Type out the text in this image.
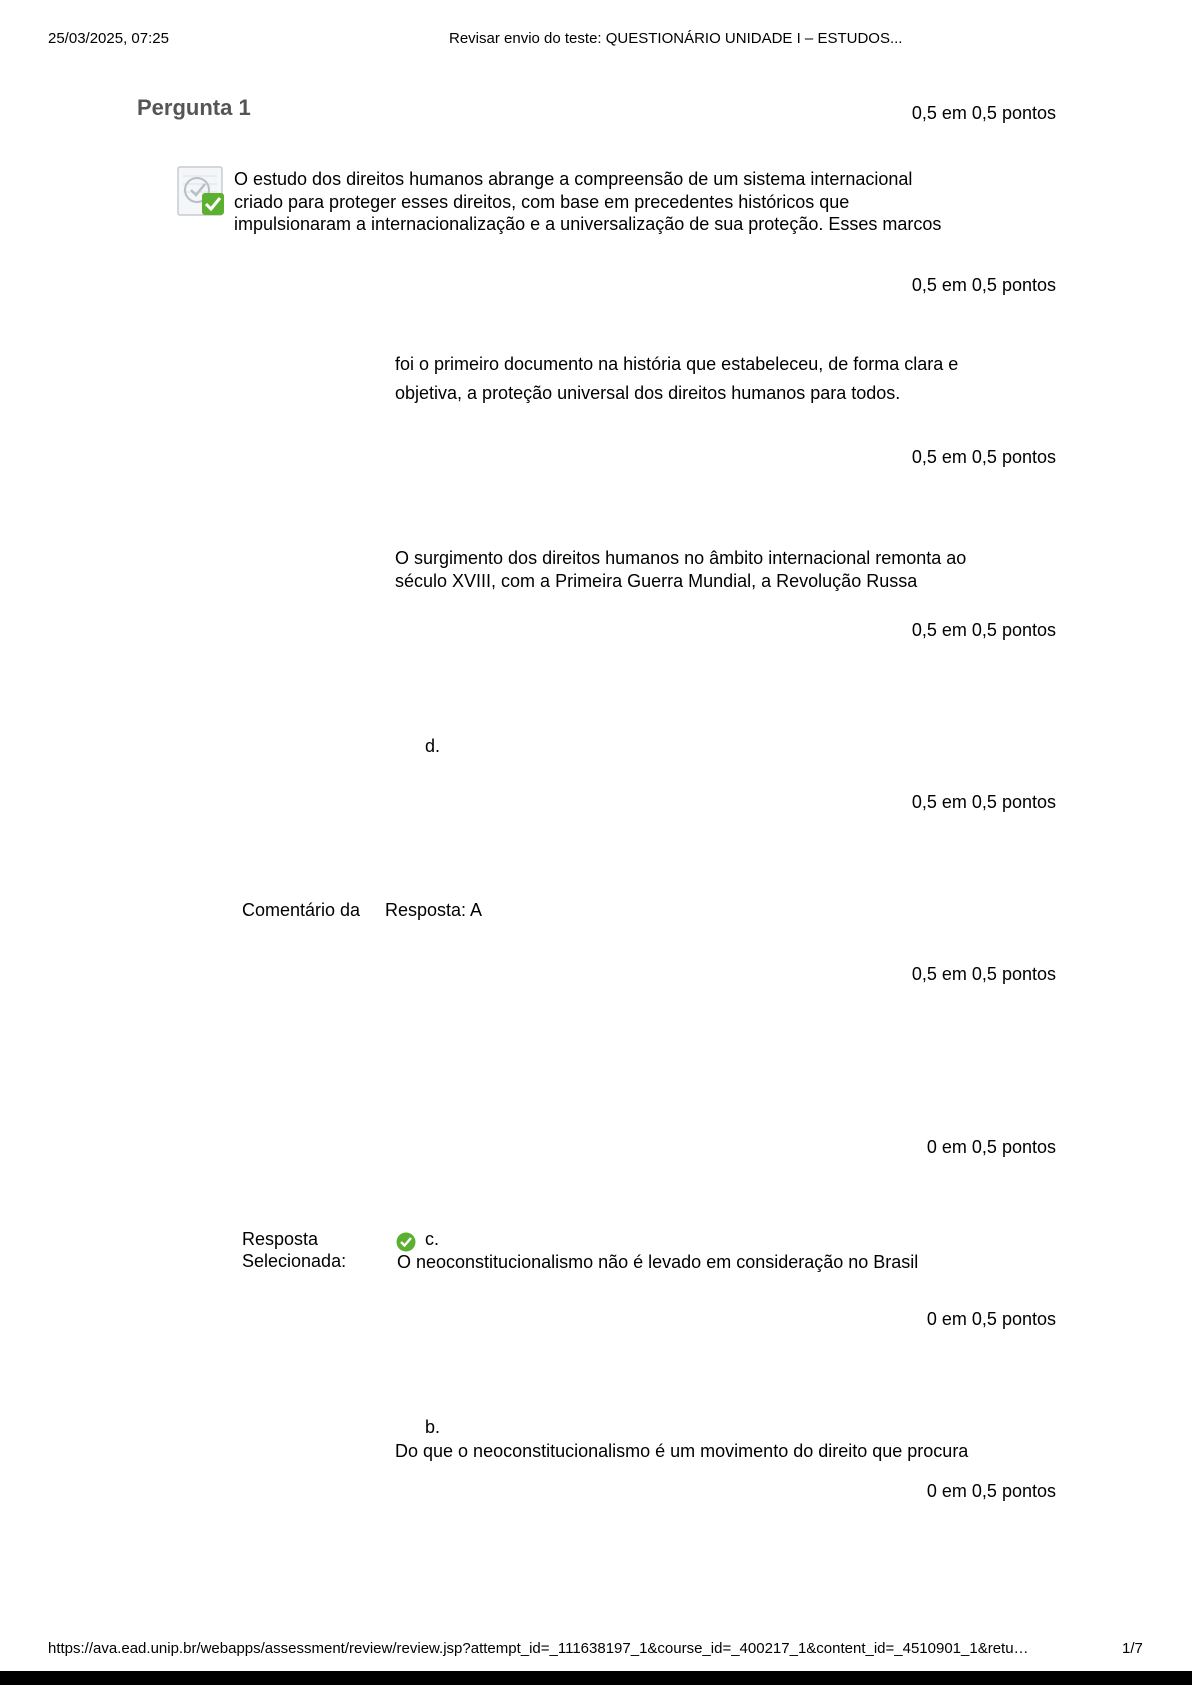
25/03/2025, 07:25	Revisar envio do teste: QUESTIONÁRIO UNIDADE I – ESTUDOS...
Pergunta 1	0,5 em 0,5 pontos
0,5 em 0,5 pontos
0,5 em 0,5 pontos
0,5 em 0,5 pontos
0,5 em 0,5 pontos
0,5 em 0,5 pontos
0 em 0,5 pontos
0 em 0,5 pontos
0 em 0,5 pontos
O estudo dos direitos humanos abrange a compreensão de um sistema internacional
criado para proteger esses direitos, com base em precedentes históricos que
impulsionaram a internacionalização e a universalização de sua proteção. Esses marcos
foi o primeiro documento na história que estabeleceu, de forma clara e
objetiva, a proteção universal dos direitos humanos para todos.
O surgimento dos direitos humanos no âmbito internacional remonta ao
século XVIII, com a Primeira Guerra Mundial, a Revolução Russa
d.
Comentário da Resposta: A
Resposta
Selecionada:
c.
O neoconstitucionalismo não é levado em consideração no Brasil
b.
Do que o neoconstitucionalismo é um movimento do direito que procura
https://ava.ead.unip.br/webapps/assessment/review/review.jsp?attempt_id=_111638197_1&course_id=_400217_1&content_id=_4510901_1&retu…	1/7
